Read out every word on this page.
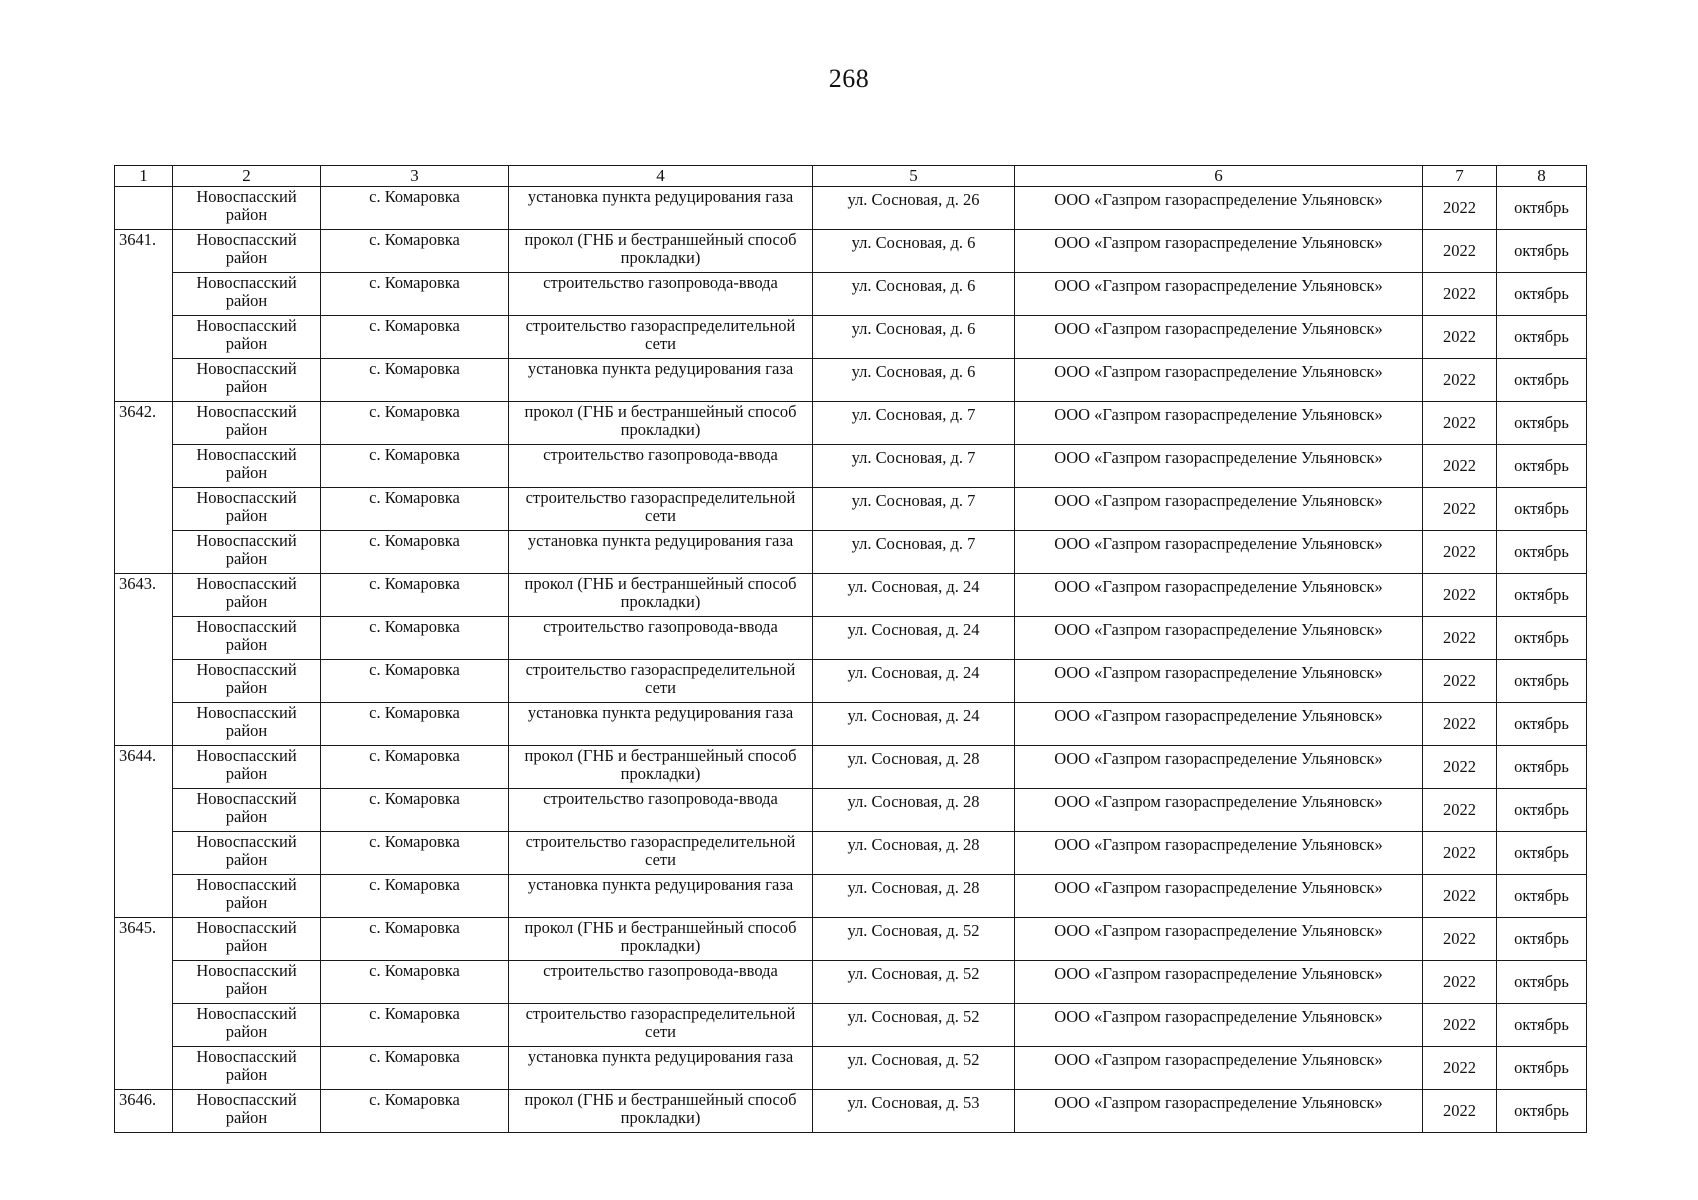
268
1	2	3	4	5	6	7	8
	Новоспасский район	с. Комаровка	установка пункта редуцирования газа	ул. Сосновая, д. 26	ООО «Газпром газораспределение Ульяновск»	2022	октябрь
3641.	Новоспасский район	с. Комаровка	прокол (ГНБ и бестраншейный способ прокладки)	ул. Сосновая, д. 6	ООО «Газпром газораспределение Ульяновск»	2022	октябрь
	Новоспасский район	с. Комаровка	строительство газопровода-ввода	ул. Сосновая, д. 6	ООО «Газпром газораспределение Ульяновск»	2022	октябрь
	Новоспасский район	с. Комаровка	строительство газораспределительной сети	ул. Сосновая, д. 6	ООО «Газпром газораспределение Ульяновск»	2022	октябрь
	Новоспасский район	с. Комаровка	установка пункта редуцирования газа	ул. Сосновая, д. 6	ООО «Газпром газораспределение Ульяновск»	2022	октябрь
3642.	Новоспасский район	с. Комаровка	прокол (ГНБ и бестраншейный способ прокладки)	ул. Сосновая, д. 7	ООО «Газпром газораспределение Ульяновск»	2022	октябрь
	Новоспасский район	с. Комаровка	строительство газопровода-ввода	ул. Сосновая, д. 7	ООО «Газпром газораспределение Ульяновск»	2022	октябрь
	Новоспасский район	с. Комаровка	строительство газораспределительной сети	ул. Сосновая, д. 7	ООО «Газпром газораспределение Ульяновск»	2022	октябрь
	Новоспасский район	с. Комаровка	установка пункта редуцирования газа	ул. Сосновая, д. 7	ООО «Газпром газораспределение Ульяновск»	2022	октябрь
3643.	Новоспасский район	с. Комаровка	прокол (ГНБ и бестраншейный способ прокладки)	ул. Сосновая, д. 24	ООО «Газпром газораспределение Ульяновск»	2022	октябрь
	Новоспасский район	с. Комаровка	строительство газопровода-ввода	ул. Сосновая, д. 24	ООО «Газпром газораспределение Ульяновск»	2022	октябрь
	Новоспасский район	с. Комаровка	строительство газораспределительной сети	ул. Сосновая, д. 24	ООО «Газпром газораспределение Ульяновск»	2022	октябрь
	Новоспасский район	с. Комаровка	установка пункта редуцирования газа	ул. Сосновая, д. 24	ООО «Газпром газораспределение Ульяновск»	2022	октябрь
3644.	Новоспасский район	с. Комаровка	прокол (ГНБ и бестраншейный способ прокладки)	ул. Сосновая, д. 28	ООО «Газпром газораспределение Ульяновск»	2022	октябрь
	Новоспасский район	с. Комаровка	строительство газопровода-ввода	ул. Сосновая, д. 28	ООО «Газпром газораспределение Ульяновск»	2022	октябрь
	Новоспасский район	с. Комаровка	строительство газораспределительной сети	ул. Сосновая, д. 28	ООО «Газпром газораспределение Ульяновск»	2022	октябрь
	Новоспасский район	с. Комаровка	установка пункта редуцирования газа	ул. Сосновая, д. 28	ООО «Газпром газораспределение Ульяновск»	2022	октябрь
3645.	Новоспасский район	с. Комаровка	прокол (ГНБ и бестраншейный способ прокладки)	ул. Сосновая, д. 52	ООО «Газпром газораспределение Ульяновск»	2022	октябрь
	Новоспасский район	с. Комаровка	строительство газопровода-ввода	ул. Сосновая, д. 52	ООО «Газпром газораспределение Ульяновск»	2022	октябрь
	Новоспасский район	с. Комаровка	строительство газораспределительной сети	ул. Сосновая, д. 52	ООО «Газпром газораспределение Ульяновск»	2022	октябрь
	Новоспасский район	с. Комаровка	установка пункта редуцирования газа	ул. Сосновая, д. 52	ООО «Газпром газораспределение Ульяновск»	2022	октябрь
3646.	Новоспасский район	с. Комаровка	прокол (ГНБ и бестраншейный способ прокладки)	ул. Сосновая, д. 53	ООО «Газпром газораспределение Ульяновск»	2022	октябрь
